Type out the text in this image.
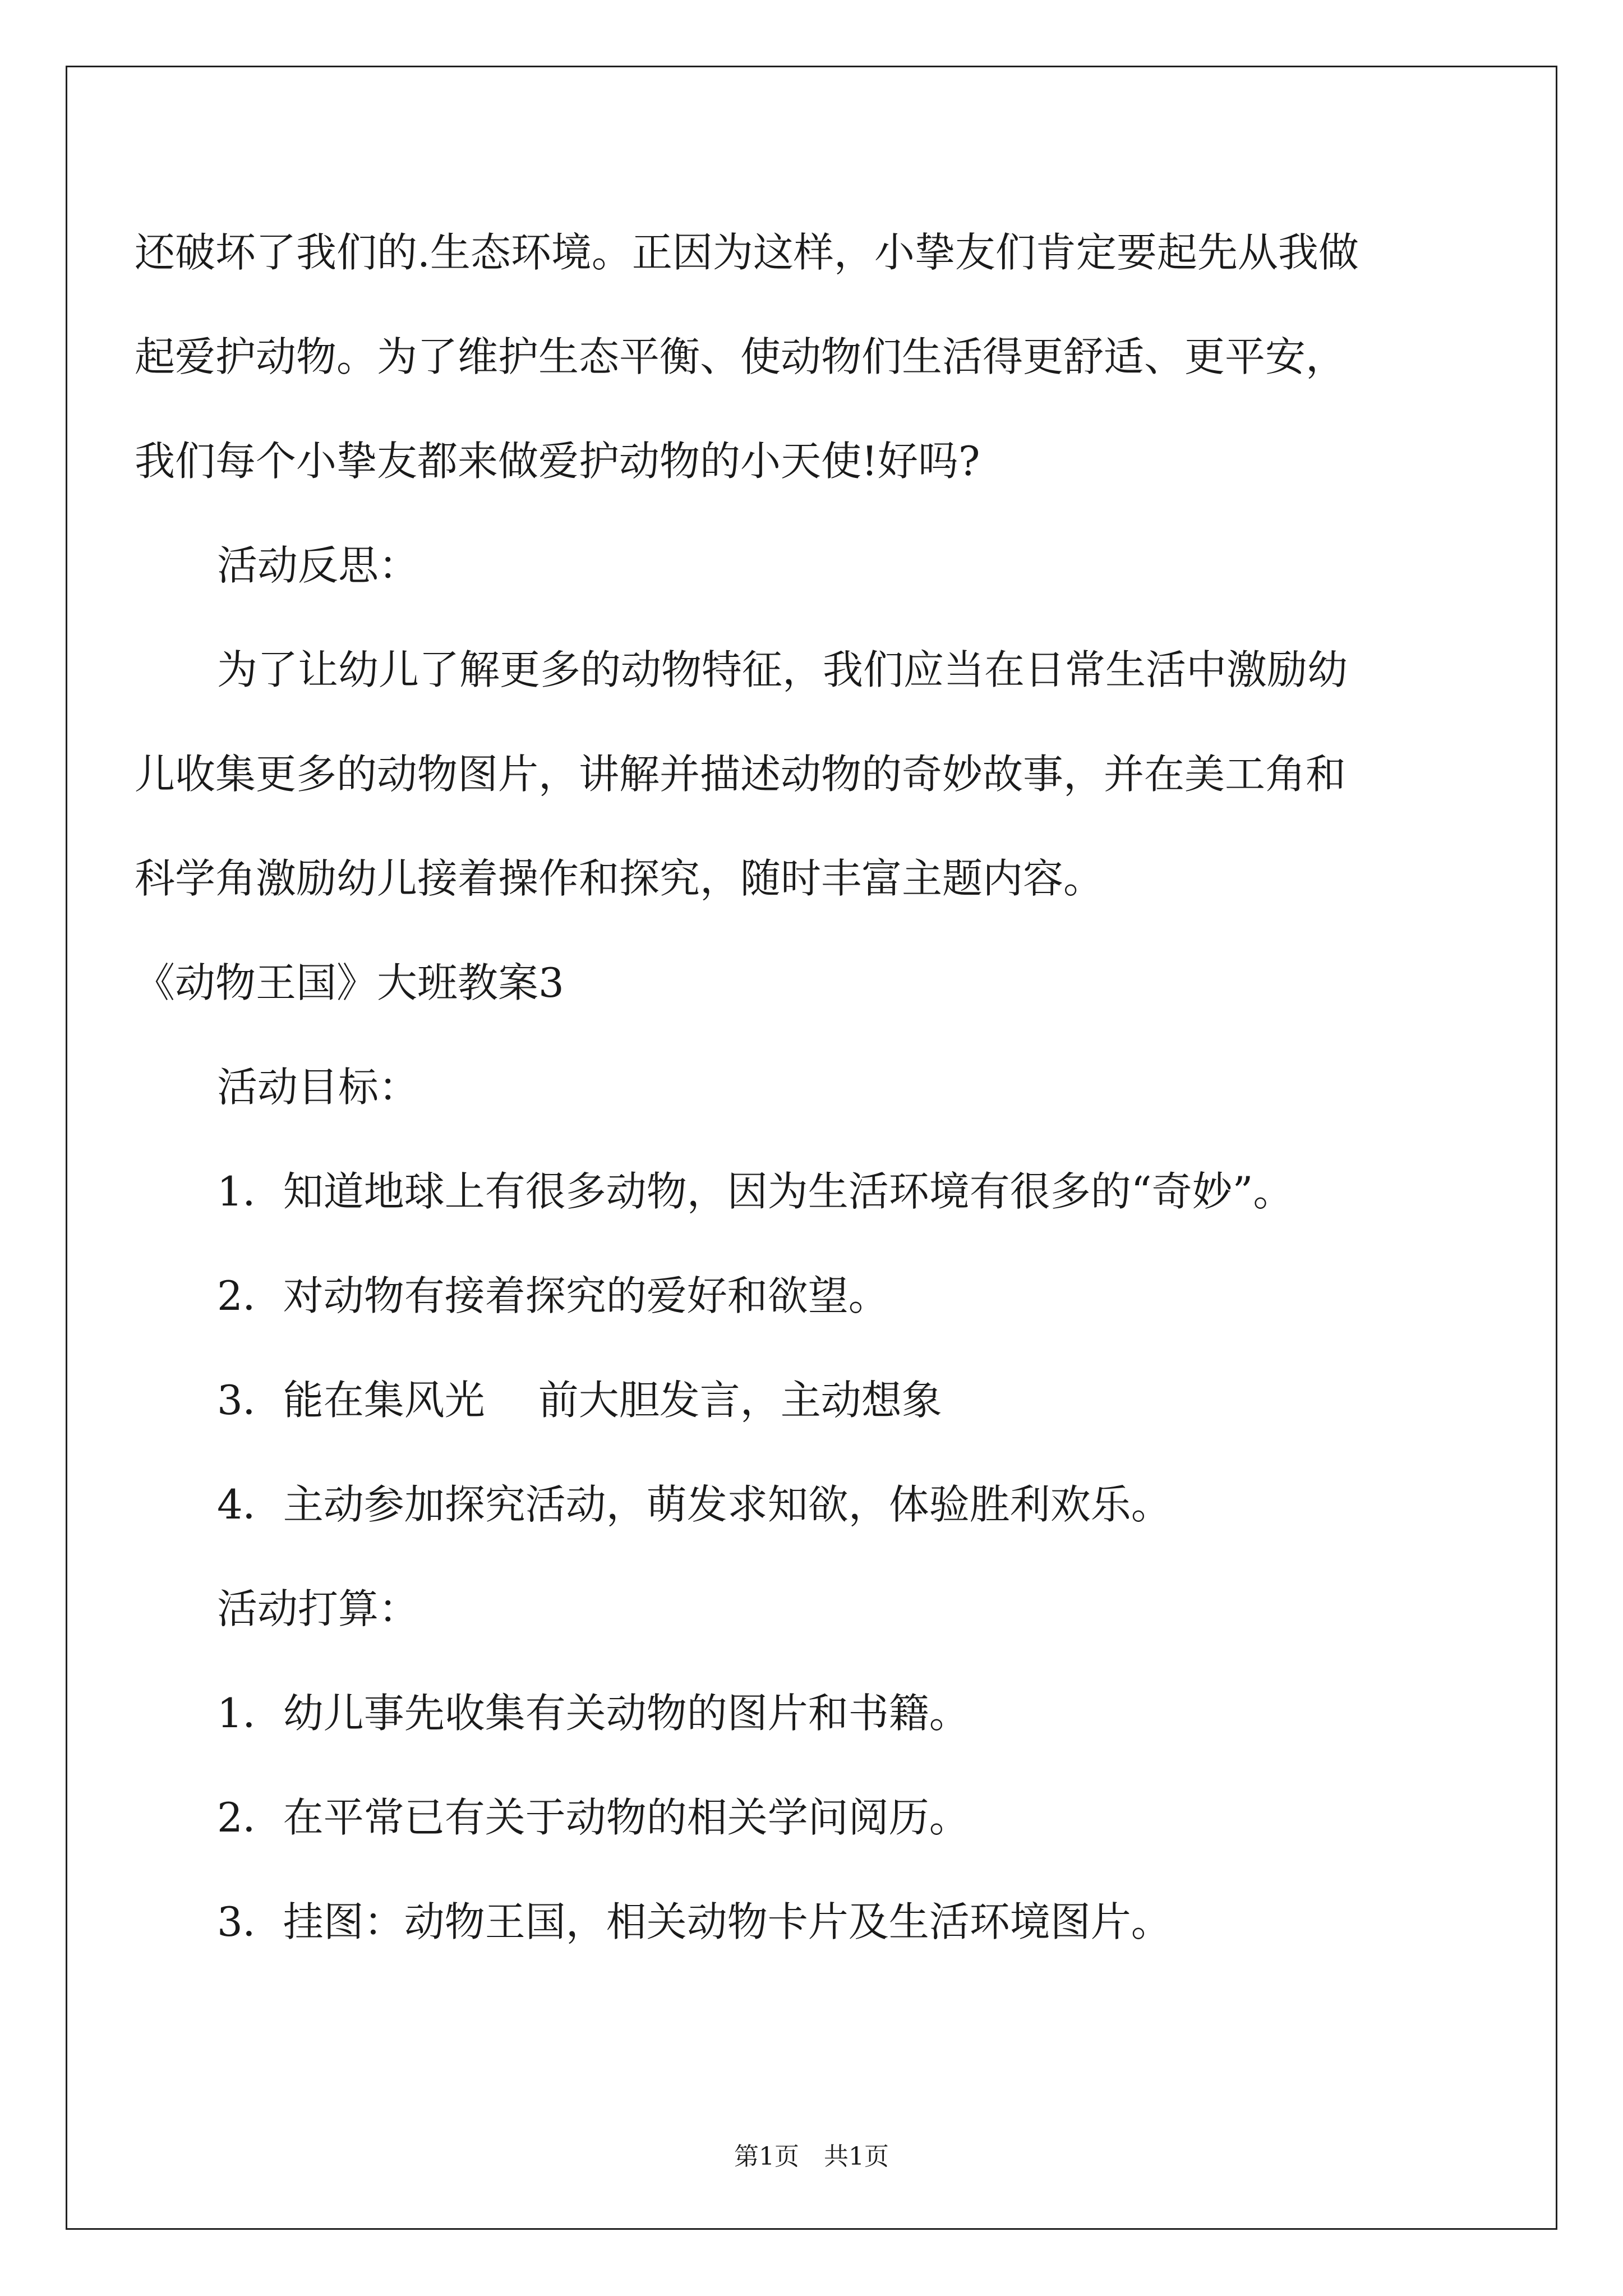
还破坏了我们的.生态环境。正因为这样，小挚友们肯定要起先从我做
起爱护动物。为了维护生态平衡、使动物们生活得更舒适、更平安，
我们每个小挚友都来做爱护动物的小天使!好吗?
活动反思：
为了让幼儿了解更多的动物特征，我们应当在日常生活中激励幼
儿收集更多的动物图片，讲解并描述动物的奇妙故事，并在美工角和
科学角激励幼儿接着操作和探究，随时丰富主题内容。
《动物王国》大班教案3
活动目标：
1．知道地球上有很多动物，因为生活环境有很多的“奇妙”。
2．对动物有接着探究的爱好和欲望。
3．能在集风光　 前大胆发言，主动想象
4．主动参加探究活动，萌发求知欲，体验胜利欢乐。
活动打算：
1．幼儿事先收集有关动物的图片和书籍。
2．在平常已有关于动物的相关学问阅历。
3．挂图：动物王国，相关动物卡片及生活环境图片。
第1页　共1页
